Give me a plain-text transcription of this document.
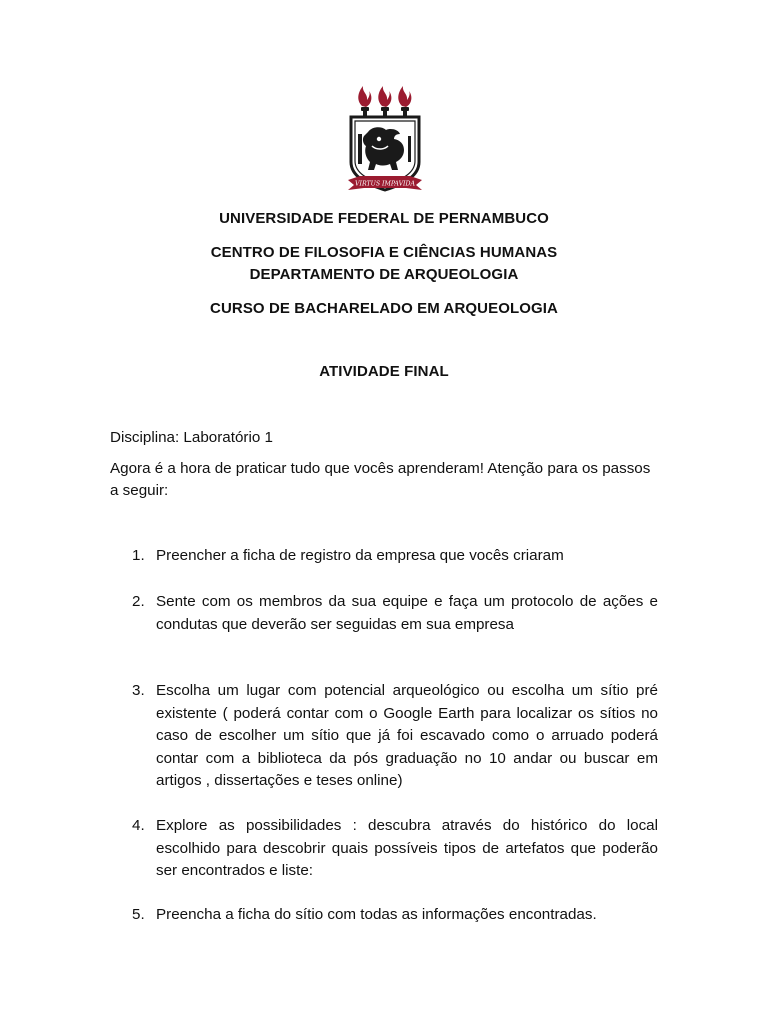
VIRTUS IMPAVIDA
UNIVERSIDADE FEDERAL DE PERNAMBUCO
CENTRO DE FILOSOFIA E CIÊNCIAS HUMANAS
DEPARTAMENTO DE ARQUEOLOGIA
CURSO DE BACHARELADO EM ARQUEOLOGIA
ATIVIDADE FINAL
Disciplina: Laboratório 1
Agora é a hora de praticar tudo que vocês aprenderam! Atenção para os passos a seguir:
1. Preencher a ficha de registro da empresa que vocês criaram
2. Sente com os membros da sua equipe e faça um protocolo de ações e condutas que deverão ser seguidas em sua empresa
3. Escolha um lugar com potencial arqueológico ou escolha um sítio pré existente ( poderá contar com o Google Earth para localizar os sítios no caso de escolher um sítio que já foi escavado como o arruado poderá contar com a biblioteca da pós graduação no 10 andar ou buscar em artigos , dissertações e teses online)
4. Explore as possibilidades : descubra através do histórico do local escolhido para descobrir quais possíveis tipos de artefatos que poderão ser encontrados e liste:
5. Preencha a ficha do sítio com todas as informações encontradas.
